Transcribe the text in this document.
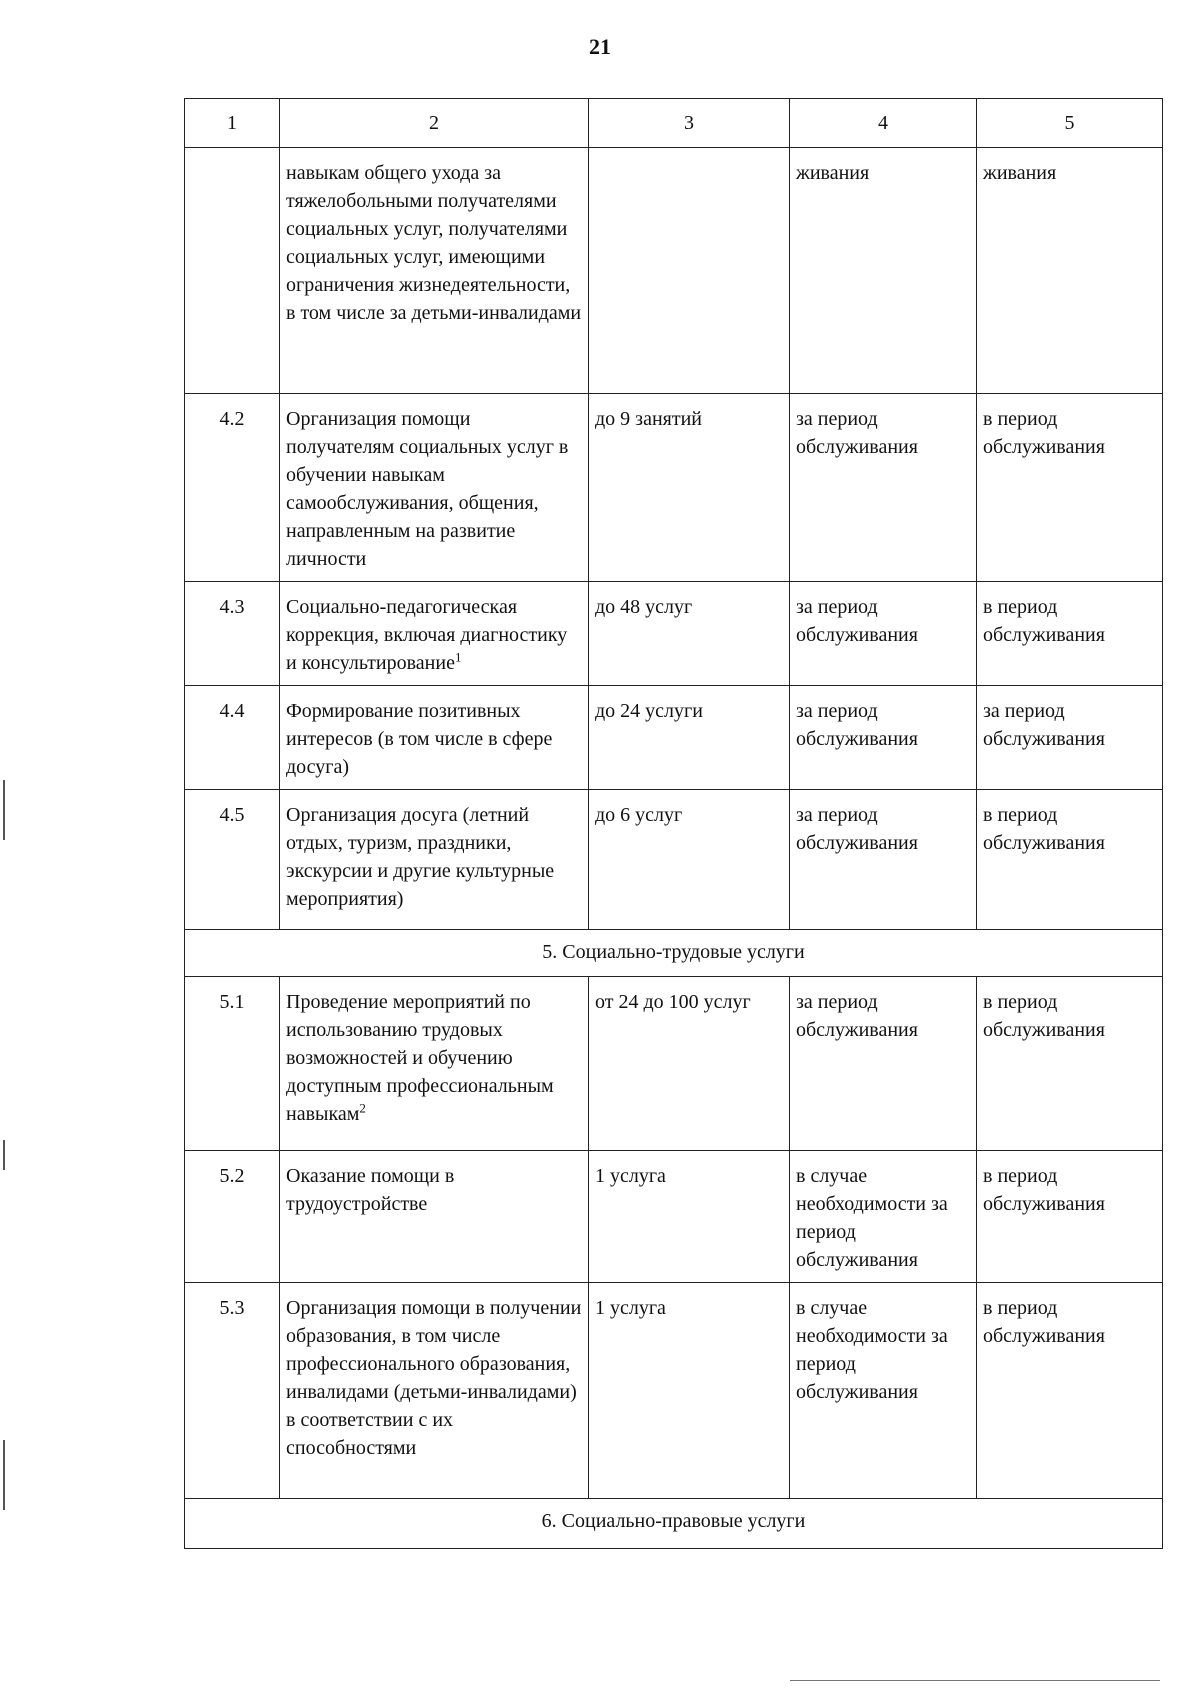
21
1	2	3	4	5
	навыкам общего ухода за тяжелобольными получателями социальных услуг, получателями социальных услуг, имеющими ограничения жизнедеятельности, в том числе за детьми-инвалидами		живания	живания
4.2	Организация помощи получателям социальных услуг в обучении навыкам самообслуживания, общения, направленным на развитие личности	до 9 занятий	за период обслуживания	в период обслуживания
4.3	Социально-педагогическая коррекция, включая диагностику и консультирование$^1$	до 48 услуг	за период обслуживания	в период обслуживания
4.4	Формирование позитивных интересов (в том числе в сфере досуга)	до 24 услуги	за период обслуживания	за период обслуживания
4.5	Организация досуга (летний отдых, туризм, праздники, экскурсии и другие культурные мероприятия)	до 6 услуг	за период обслуживания	в период обслуживания
5. Социально-трудовые услуги				
5.1	Проведение мероприятий по использованию трудовых возможностей и обучению доступным профессиональным навыкам$^2$	от 24 до 100 услуг	за период обслуживания	в период обслуживания
5.2	Оказание помощи в трудоустройстве	1 услуга	в случае необходимости за период обслуживания	в период обслуживания
5.3	Организация помощи в получении образования, в том числе профессионального образования, инвалидами (детьми-инвалидами) в соответствии с их способностями	1 услуга	в случае необходимости за период обслуживания	в период обслуживания
6. Социально-правовые услуги				
